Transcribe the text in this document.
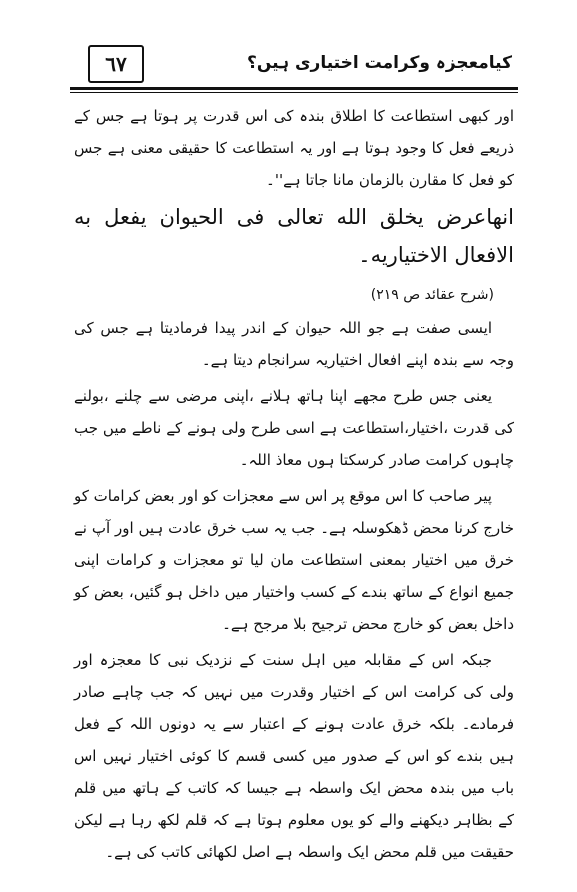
٦٧	کیامعجزہ وکرامت اختیاری ہیں؟

اور کبھی استطاعت کا اطلاق بندہ کی اس قدرت پر ہوتا ہے جس کے ذریعے فعل کا وجود ہوتا ہے اور یہ استطاعت کا حقیقی معنی ہے جس کو فعل کا مقارن بالزمان مانا جاتا ہے''۔

انهاعرض یخلق الله تعالی فی الحیوان یفعل به الافعال الاختیاریه۔

(شرح عقائد ص ۲۱۹)

ایسی صفت ہے جو اللہ حیوان کے اندر پیدا فرمادیتا ہے جس کی وجہ سے بندہ اپنے افعال اختیاریہ سرانجام دیتا ہے۔

یعنی جس طرح مجھے اپنا ہاتھ ہلانے ،اپنی مرضی سے چلنے ،بولنے کی قدرت ،اختیار،استطاعت ہے اسی طرح ولی ہونے کے ناطے میں جب چاہوں کرامت صادر کرسکتا ہوں معاذ اللہ۔

پیر صاحب کا اس موقع پر اس سے معجزات کو اور بعض کرامات کو خارج کرنا محض ڈھکوسلہ ہے۔ جب یہ سب خرق عادت ہیں اور آپ نے خرق میں اختیار بمعنی استطاعت مان لیا تو معجزات و کرامات اپنی جمیع انواع کے ساتھ بندے کے کسب واختیار میں داخل ہو گئیں، بعض کو داخل بعض کو خارج محض ترجیح بلا مرجح ہے۔

جبکہ اس کے مقابلہ میں اہل سنت کے نزدیک نبی کا معجزہ اور ولی کی کرامت اس کے اختیار وقدرت میں نہیں کہ جب چاہے صادر فرمادے۔ بلکہ خرق عادت ہونے کے اعتبار سے یہ دونوں اللہ کے فعل ہیں بندے کو اس کے صدور میں کسی قسم کا کوئی اختیار نہیں اس باب میں بندہ محض ایک واسطہ ہے جیسا کہ کاتب کے ہاتھ میں قلم کے بظاہر دیکھنے والے کو یوں معلوم ہوتا ہے کہ قلم لکھ رہا ہے لیکن حقیقت میں قلم محض ایک واسطہ ہے اصل لکھائی کاتب کی ہے۔
